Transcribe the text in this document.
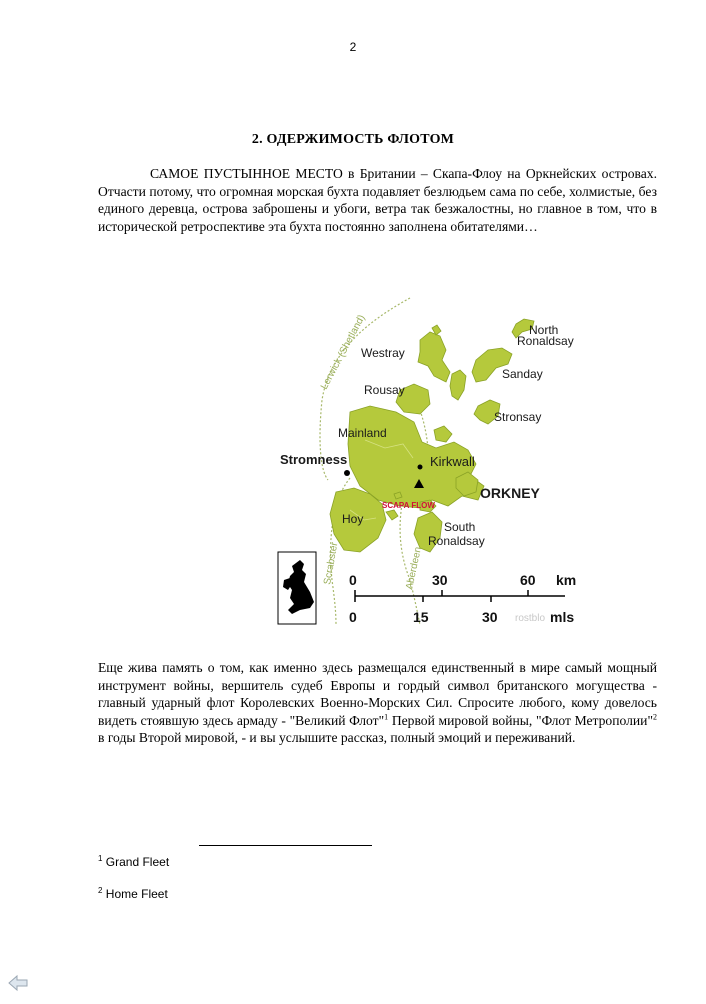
2
2. ОДЕРЖИМОСТЬ ФЛОТОМ
САМОЕ ПУСТЫННОЕ МЕСТО в Британии – Скапа-Флоу на Оркнейских островах. Отчасти потому, что огромная морская бухта подавляет безлюдьем сама по себе, холмистые, без единого деревца, острова заброшены и убоги, ветра так безжалостны, но главное в том, что в исторической ретроспективе эта бухта постоянно заполнена обитателями…
North
Ronaldsay
Westray
Sanday
Rousay
Stronsay
Mainland
Stromness	Kirkwall
ORKNEY
SCAPA FLOW
Hoy
South
Ronaldsay
Lerwick (Shetland)
Scrabster	Aberdeen
0	30	60 km
0	15	30	mls
rostblo
Еще жива память о том, как именно здесь размещался единственный в мире самый мощный инструмент войны, вершитель судеб Европы и гордый символ британского могущества - главный ударный флот Королевских Военно-Морских Сил. Спросите любого, кому довелось видеть стоявшую здесь армаду - "Великий Флот"$^1$ Первой мировой войны, "Флот Метрополии"$^2$ в годы Второй мировой, - и вы услышите рассказ, полный эмоций и переживаний.
$^1$ Grand Fleet
$^2$ Home Fleet
